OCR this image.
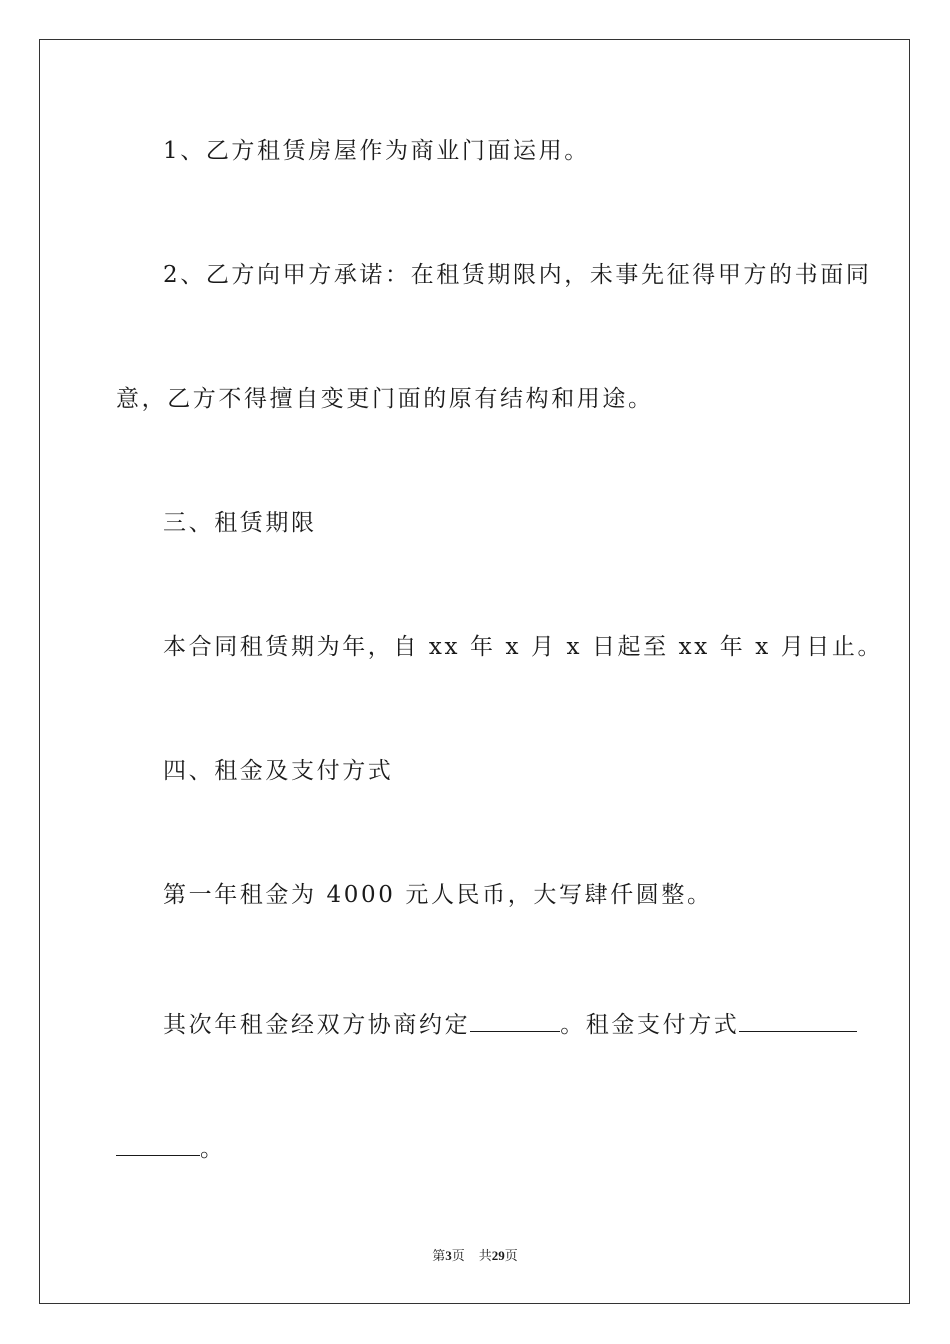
1、乙方租赁房屋作为商业门面运用。
2、乙方向甲方承诺：在租赁期限内，未事先征得甲方的书面同
意，乙方不得擅自变更门面的原有结构和用途。
三、租赁期限
本合同租赁期为年，自 xx 年 x 月 x 日起至 xx 年 x 月日止。
四、租金及支付方式
第一年租金为 4000 元人民币，大写肆仟圆整。
其次年租金经双方协商约定	。租金支付方式
。
第3页 共29页
